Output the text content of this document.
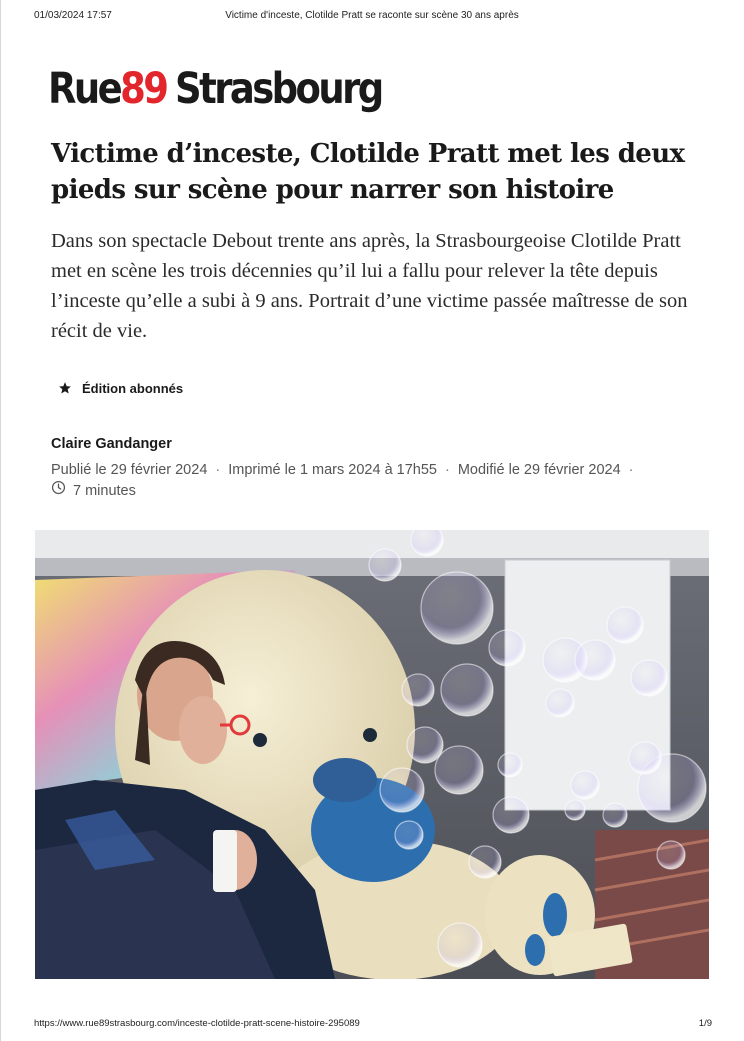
01/03/2024 17:57	Victime d'inceste, Clotilde Pratt se raconte sur scène 30 ans après
Rue89 Strasbourg
Victime d’inceste, Clotilde Pratt met les deux pieds sur scène pour narrer son histoire

Dans son spectacle Debout trente ans après, la Strasbourgeoise Clotilde Pratt met en scène les trois décennies qu’il lui a fallu pour relever la tête depuis l’inceste qu’elle a subi à 9 ans. Portrait d’une victime passée maîtresse de son récit de vie.

Édition abonnés
Claire Gandanger
Publié le 29 février 2024 · Imprimé le 1 mars 2024 à 17h55 · Modifié le 29 février 2024 ·
7 minutes
https://www.rue89strasbourg.com/inceste-clotilde-pratt-scene-histoire-295089	1/9
